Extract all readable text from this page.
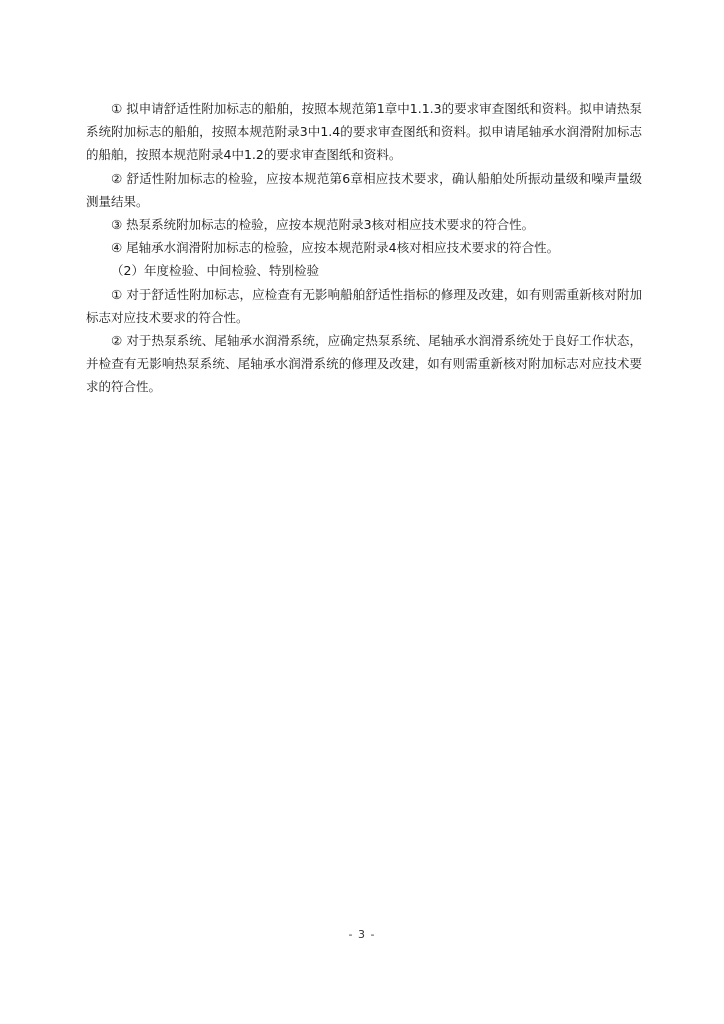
① 拟申请舒适性附加标志的船舶，按照本规范第1章中1.1.3的要求审查图纸和资料。拟申请热泵系统附加标志的船舶，按照本规范附录3中1.4的要求审查图纸和资料。拟申请尾轴承水润滑附加标志的船舶，按照本规范附录4中1.2的要求审查图纸和资料。

② 舒适性附加标志的检验，应按本规范第6章相应技术要求，确认船舶处所振动量级和噪声量级测量结果。

③ 热泵系统附加标志的检验，应按本规范附录3核对相应技术要求的符合性。

④ 尾轴承水润滑附加标志的检验，应按本规范附录4核对相应技术要求的符合性。

（2）年度检验、中间检验、特别检验

① 对于舒适性附加标志，应检查有无影响船舶舒适性指标的修理及改建，如有则需重新核对附加标志对应技术要求的符合性。

② 对于热泵系统、尾轴承水润滑系统，应确定热泵系统、尾轴承水润滑系统处于良好工作状态，并检查有无影响热泵系统、尾轴承水润滑系统的修理及改建，如有则需重新核对附加标志对应技术要求的符合性。

- 3 -
